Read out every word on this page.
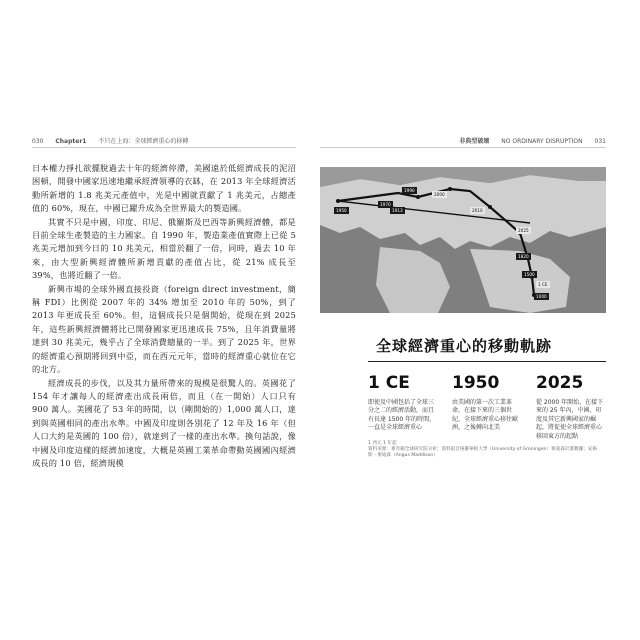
030 Chapter1 不只在上海：全球經濟重心的移轉

日本權力掙扎欲擺脫過去十年的經濟停滯，美國遠於低經濟成長的泥沼困頓，開發中國家迅速地繼承經濟領導的衣缽，在 2013 年全球經濟活動所新增的 1.8 兆美元產值中，光是中國就貢獻了 1 兆美元，占總產值的 60%，現在，中國已躍升成為全世界最大的製造國。

其實不只是中國，印度、印尼、俄羅斯及巴西等新興經濟體，都是目前全球生產製造的主力國家。自 1990 年，製造業產值實際上已從 5 兆美元增加到今日的 10 兆美元，相當於翻了一倍，同時，過去 10 年來，由大型新興經濟體所新增貢獻的產值占比，從 21% 成長至 39%，也將近翻了一倍。

新興市場的全球外國直接投資（foreign direct investment，簡稱 FDI）比例從 2007 年的 34% 增加至 2010 年的 50%，到了 2013 年更成長至 60%。但，這個成長只是個開始，從現在到 2025 年，這些新興經濟體將比已開發國家更迅速成長 75%，且年消費量將達到 30 兆美元，幾乎占了全球消費總量的一半。到了 2025 年，世界的經濟重心預期將回到中亞，而在西元元年，當時的經濟重心就位在它的北方。

經濟成長的步伐，以及其力量所帶來的規模是很驚人的。英國花了 154 年才讓每人的經濟產出成長兩倍，而且（在一開始）人口只有 900 萬人。美國花了 53 年的時間，以（剛開始的）1,000 萬人口，達到與英國相同的產出水準。中國及印度則各別花了 12 年及 16 年（但人口大約是英國的 100 倍），就達到了一樣的產出水準。換句話說，像中國及印度這樣的經濟加速度，大概是英國工業革命帶動英國國內經濟成長的 10 倍，經濟規模

非典型破壞 NO ORDINARY DISRUPTION 031
1950
1990
2000
1970
1913	2010
2025
1820
1500
1 CE
1000
全球經濟重心的移動軌跡
1 CE
即使及中國包括了全球三分之二的經濟活動，而且有長達 1500 年的時間，一直是全球經濟重心
1950
由美國的第一次工業革命，在接下來的三個世紀，全球經濟重心移往歐洲，之後轉向北美
2025
從 2000 年開始，在接下來的 25 年內，中國、印度及其它新興國家的崛起，將促使全球經濟重心移回東方的起點
1 西元 1 年起
資料來源：麥肯錫全球研究院分析；資料取自格羅寧根大學（University of Groningen）麥迪森計畫數據；安格斯・麥迪森（Angus Maddison）
